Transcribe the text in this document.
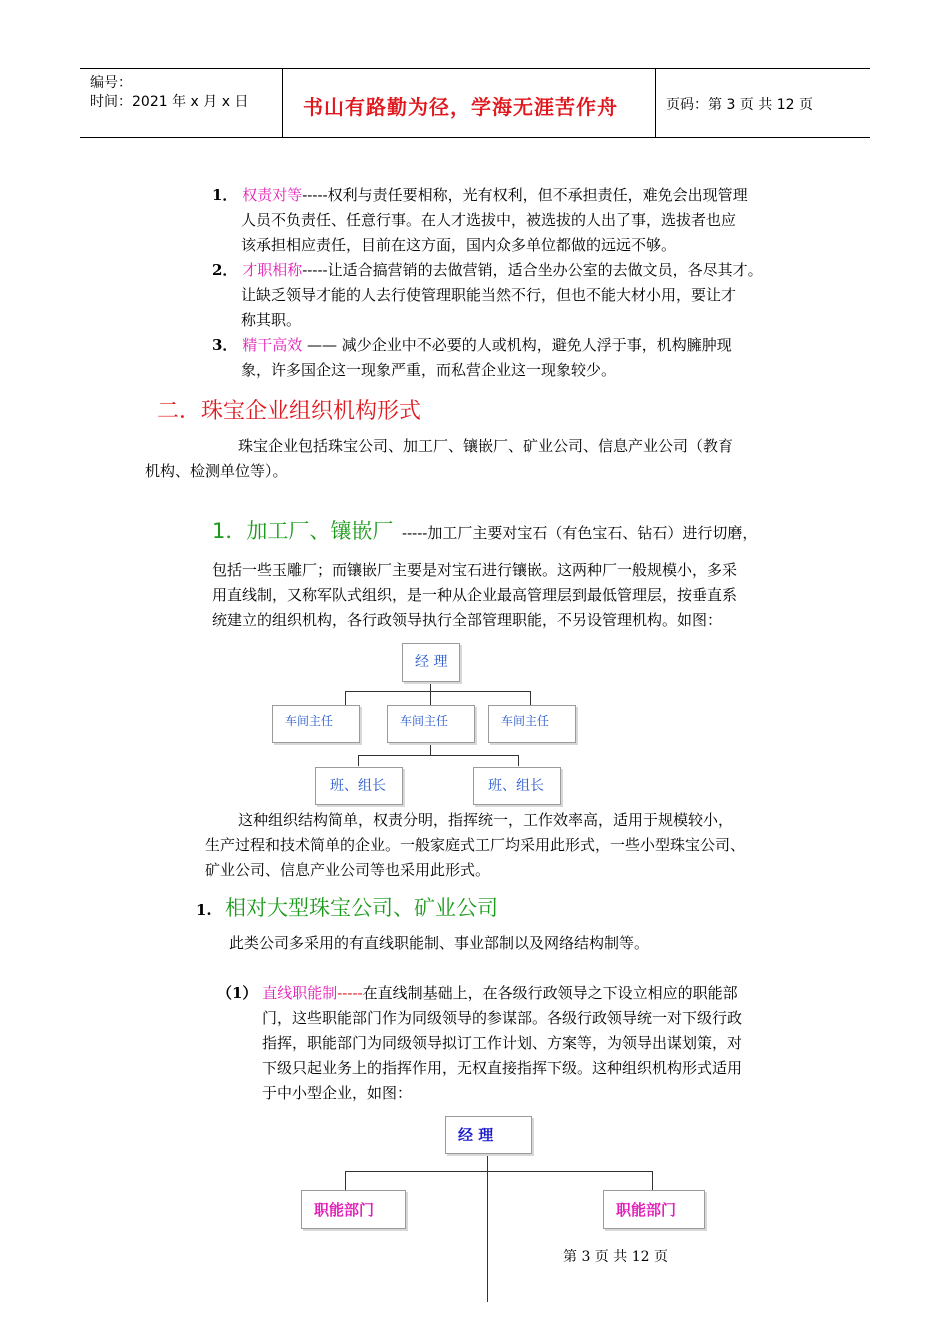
编号：
时间：2021 年 x 月 x 日	书山有路勤为径，学海无涯苦作舟	页码：第 3 页 共 12 页
1． 权责对等-----权利与责任要相称，光有权利，但不承担责任，难免会出现管理
人员不负责任、任意行事。在人才选拔中，被选拔的人出了事，选拔者也应
该承担相应责任，目前在这方面，国内众多单位都做的远远不够。
2． 才职相称-----让适合搞营销的去做营销，适合坐办公室的去做文员，各尽其才。
让缺乏领导才能的人去行使管理职能当然不行，但也不能大材小用，要让才
称其职。
3． 精干高效 —— 减少企业中不必要的人或机构，避免人浮于事，机构臃肿现
象，许多国企这一现象严重，而私营企业这一现象较少。
二．珠宝企业组织机构形式
珠宝企业包括珠宝公司、加工厂、镶嵌厂、矿业公司、信息产业公司（教育
机构、检测单位等）。
1．加工厂、镶嵌厂 -----加工厂主要对宝石（有色宝石、钻石）进行切磨，
包括一些玉雕厂；而镶嵌厂主要是对宝石进行镶嵌。这两种厂一般规模小，多采
用直线制，又称军队式组织，是一种从企业最高管理层到最低管理层，按垂直系
统建立的组织机构，各行政领导执行全部管理职能，不另设管理机构。如图：
经 理
车间主任	车间主任	车间主任
班、组长	班、组长
这种组织结构简单，权责分明，指挥统一，工作效率高，适用于规模较小，
生产过程和技术简单的企业。一般家庭式工厂均采用此形式，一些小型珠宝公司、
矿业公司、信息产业公司等也采用此形式。
1. 相对大型珠宝公司、矿业公司
此类公司多采用的有直线职能制、事业部制以及网络结构制等。
（1） 直线职能制-----在直线制基础上，在各级行政领导之下设立相应的职能部
门，这些职能部门作为同级领导的参谋部。各级行政领导统一对下级行政
指挥，职能部门为同级领导拟订工作计划、方案等，为领导出谋划策，对
下级只起业务上的指挥作用，无权直接指挥下级。这种组织机构形式适用
于中小型企业，如图：
经 理
职能部门	职能部门
第 3 页 共 12 页
